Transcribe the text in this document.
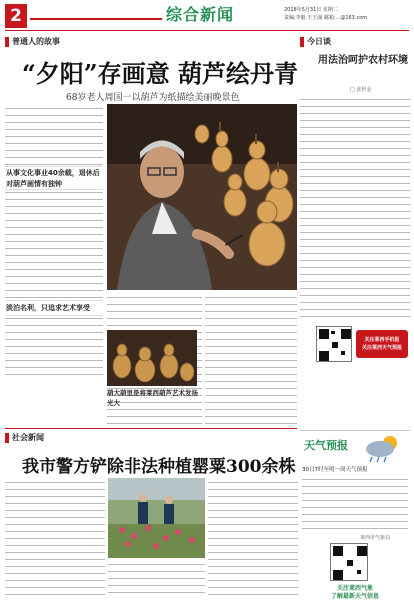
2	综合新闻	2018年5月31日 星期二
责编:李毅 王玉丽 邮箱:...@163.com
普通人的故事
“夕阳”存画意 葫芦绘丹青
68岁老人周国一以葫芦为纸描绘美丽晚景色
从事文化事业40余载，退休后对葫芦画情有独钟
淡泊名利，只追求艺术享受
葫大葫里是将莱西葫芦艺术发扬光大
今日谈
用法治呵护农村环境
□ 张世金
关注莱西手机报
关注莱西天气预报
天气预报
30日7时至明一周天气预报
莱西市气象局
关注莱西气象
了解最新天气信息
社会新闻
我市警方铲除非法种植罂粟300余株
